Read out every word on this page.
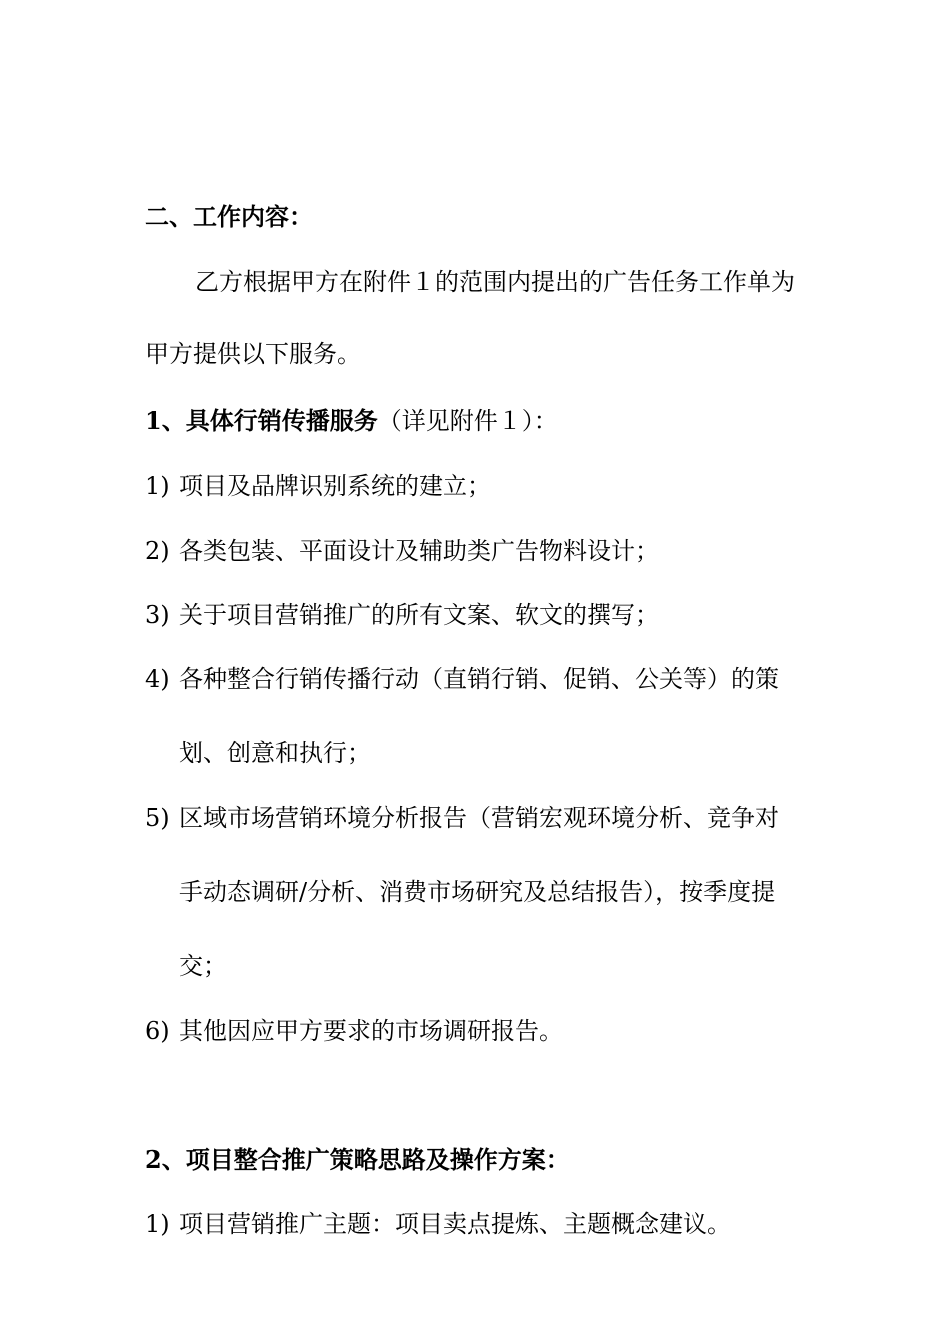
二、工作内容：
乙方根据甲方在附件１的范围内提出的广告任务工作单为
甲方提供以下服务。
1、具体行销传播服务（详见附件１）：
1) 项目及品牌识别系统的建立；
2) 各类包装、平面设计及辅助类广告物料设计；
3) 关于项目营销推广的所有文案、软文的撰写；
4) 各种整合行销传播行动（直销行销、促销、公关等）的策
划、创意和执行；
5) 区域市场营销环境分析报告（营销宏观环境分析、竞争对
手动态调研/分析、消费市场研究及总结报告），按季度提
交；
6) 其他因应甲方要求的市场调研报告。
2、项目整合推广策略思路及操作方案：
1) 项目营销推广主题：项目卖点提炼、主题概念建议。
